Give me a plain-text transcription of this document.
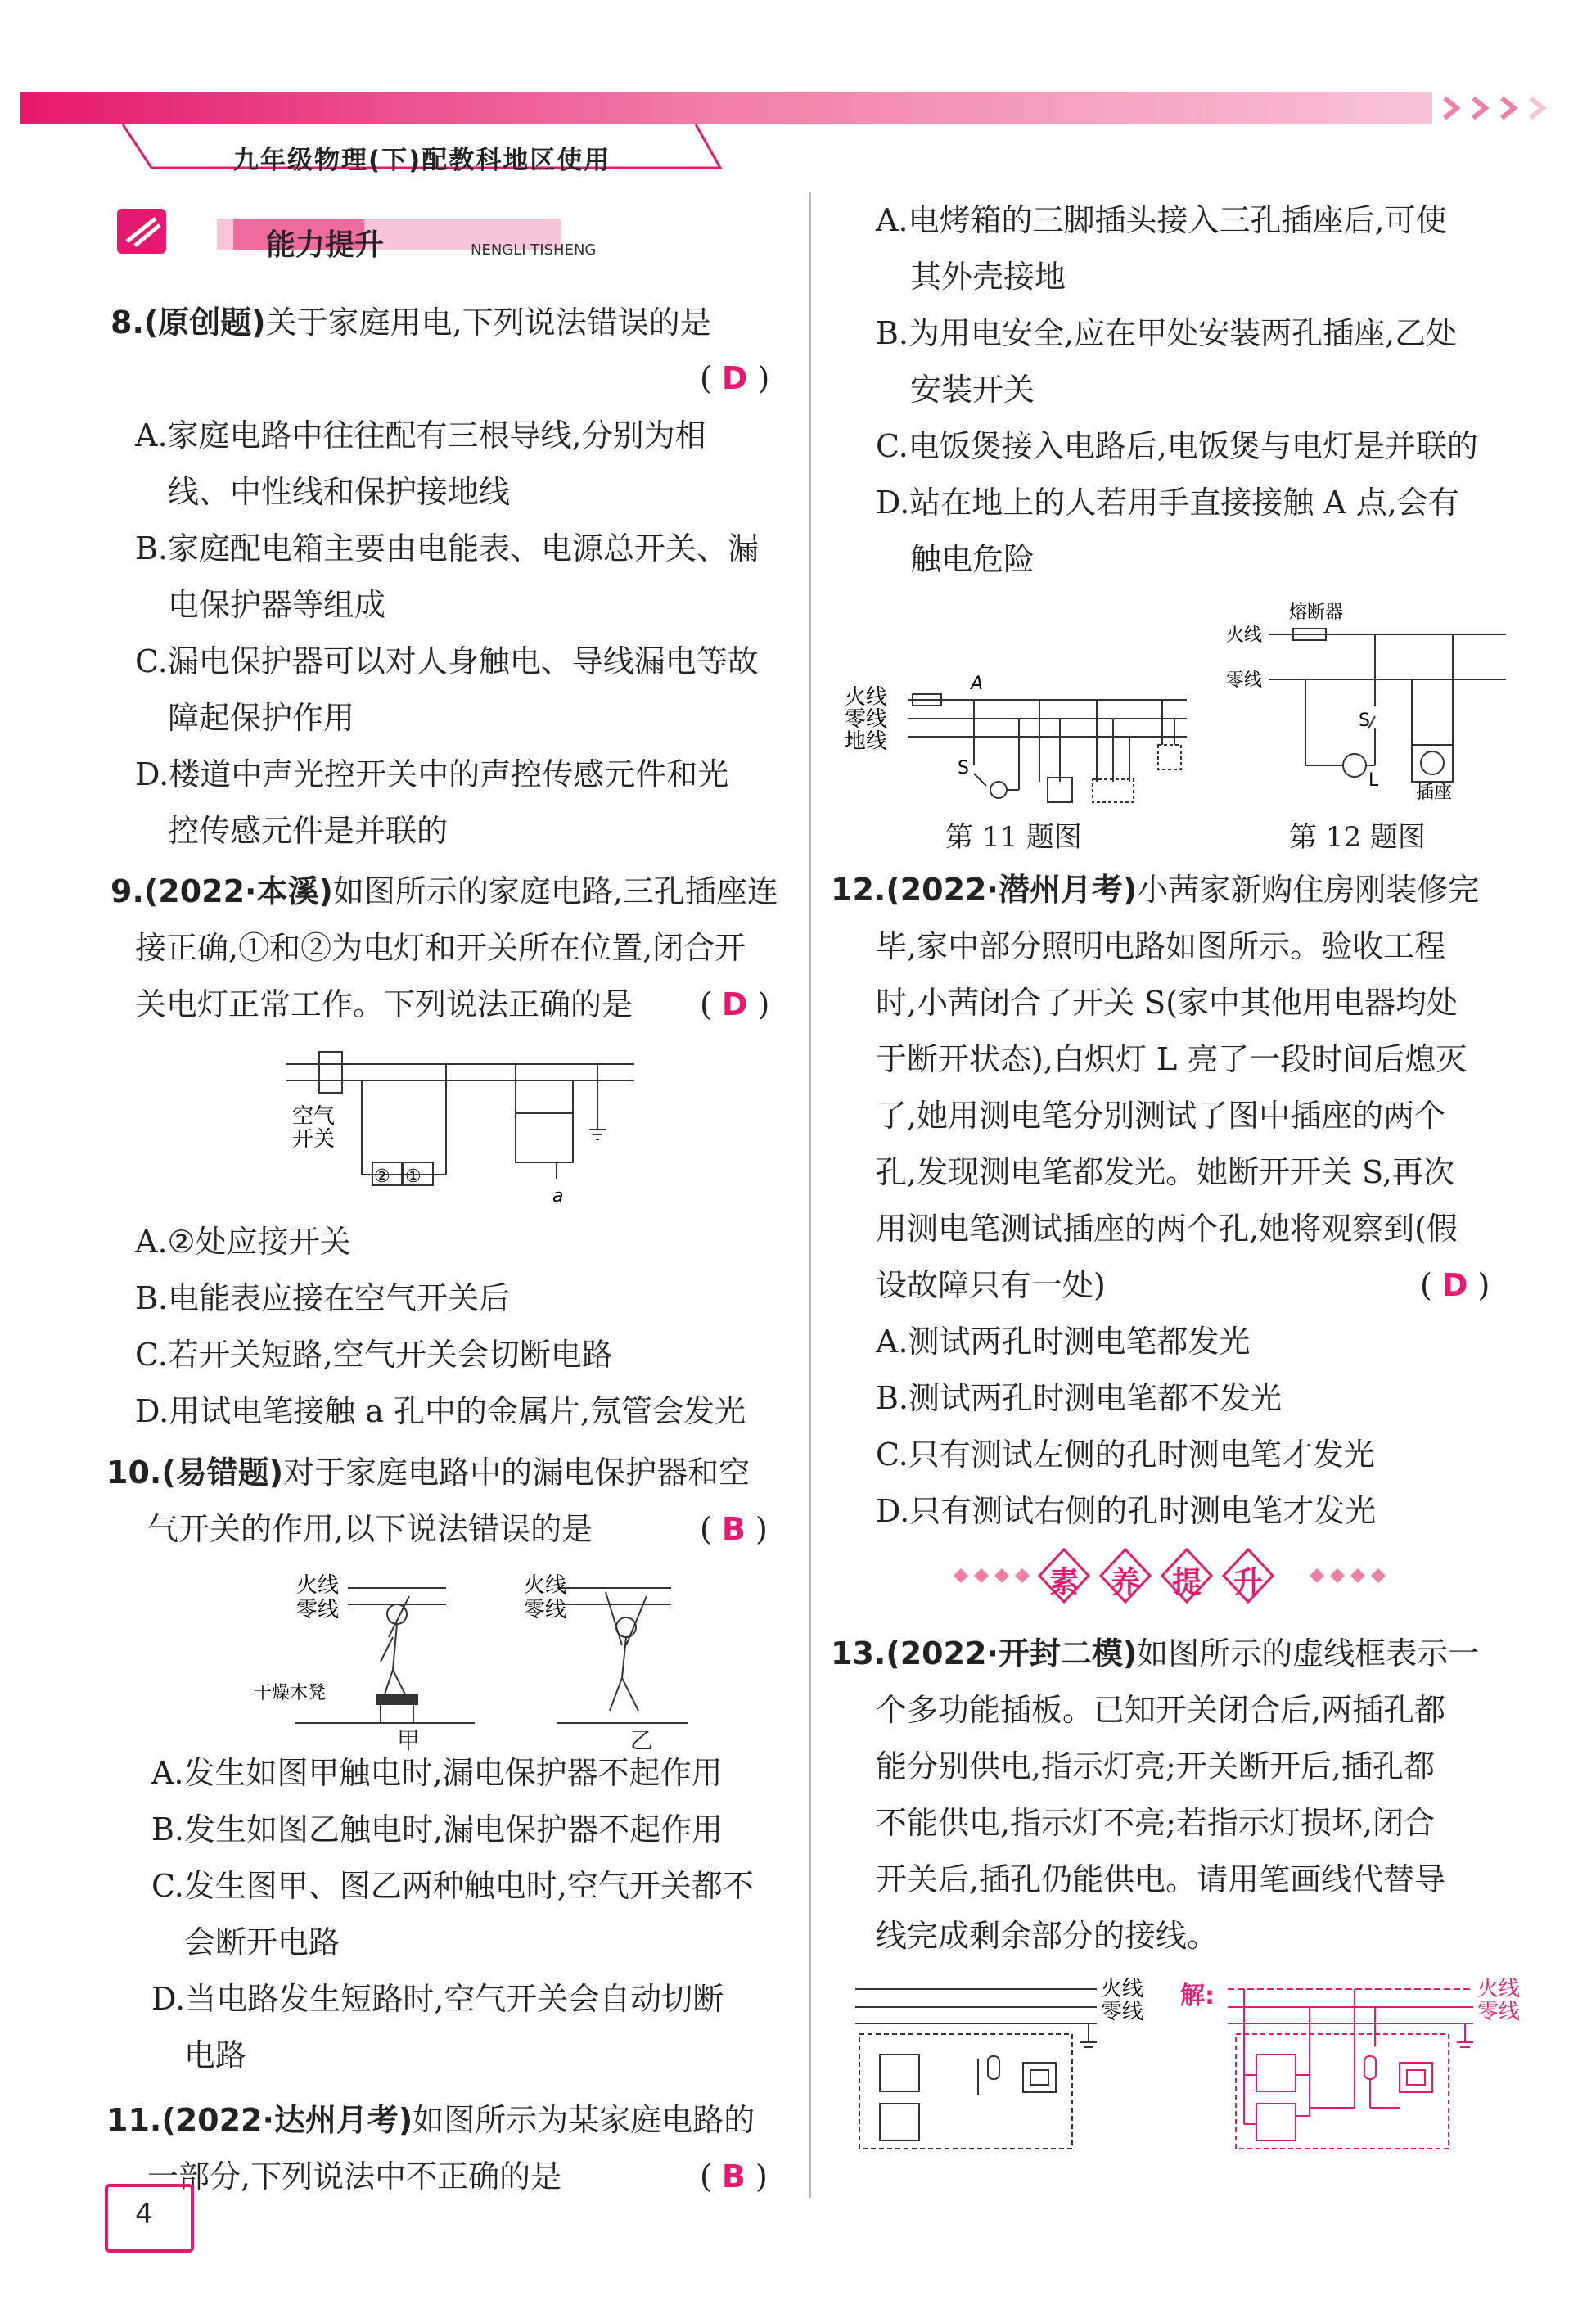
九年级物理(下)配教科地区使用
能力提升	NENGLI TISHENG
8.(原创题)关于家庭用电,下列说法错误的是
( D )
A.家庭电路中往往配有三根导线,分别为相
线、中性线和保护接地线
B.家庭配电箱主要由电能表、电源总开关、漏
电保护器等组成
C.漏电保护器可以对人身触电、导线漏电等故
障起保护作用
D.楼道中声光控开关中的声控传感元件和光
控传感元件是并联的
9.(2022·本溪)如图所示的家庭电路,三孔插座连
接正确,①和②为电灯和开关所在位置,闭合开
关电灯正常工作。下列说法正确的是	( D )
空气
开关
② ①
a
A.②处应接开关
B.电能表应接在空气开关后
C.若开关短路,空气开关会切断电路
D.用试电笔接触 a 孔中的金属片,氖管会发光
10.(易错题)对于家庭电路中的漏电保护器和空
气开关的作用,以下说法错误的是	( B )
火线
零线
干燥木凳
火线
零线
甲	乙
A.发生如图甲触电时,漏电保护器不起作用
B.发生如图乙触电时,漏电保护器不起作用
C.发生图甲、图乙两种触电时,空气开关都不
会断开电路
D.当电路发生短路时,空气开关会自动切断
电路
11.(2022·达州月考)如图所示为某家庭电路的
一部分,下列说法中不正确的是	( B )
A.电烤箱的三脚插头接入三孔插座后,可使
其外壳接地
B.为用电安全,应在甲处安装两孔插座,乙处
安装开关
C.电饭煲接入电路后,电饭煲与电灯是并联的
D.站在地上的人若用手直接接触 A 点,会有
触电危险
火线
零线
地线
A
S
第 11 题图
熔断器
火线
零线
S
L
插座
第 12 题图
12.(2022·潜州月考)小茜家新购住房刚装修完
毕,家中部分照明电路如图所示。验收工程
时,小茜闭合了开关 S(家中其他用电器均处
于断开状态),白炽灯 L 亮了一段时间后熄灭
了,她用测电笔分别测试了图中插座的两个
孔,发现测电笔都发光。她断开开关 S,再次
用测电笔测试插座的两个孔,她将观察到(假
设故障只有一处)	( D )
A.测试两孔时测电笔都发光
B.测试两孔时测电笔都不发光
C.只有测试左侧的孔时测电笔才发光
D.只有测试右侧的孔时测电笔才发光
素 养 提 升
13.(2022·开封二模)如图所示的虚线框表示一
个多功能插板。已知开关闭合后,两插孔都
能分别供电,指示灯亮;开关断开后,插孔都
不能供电,指示灯不亮;若指示灯损坏,闭合
开关后,插孔仍能供电。请用笔画线代替导
线完成剩余部分的接线。
火线
零线
解:	火线
零线
4
